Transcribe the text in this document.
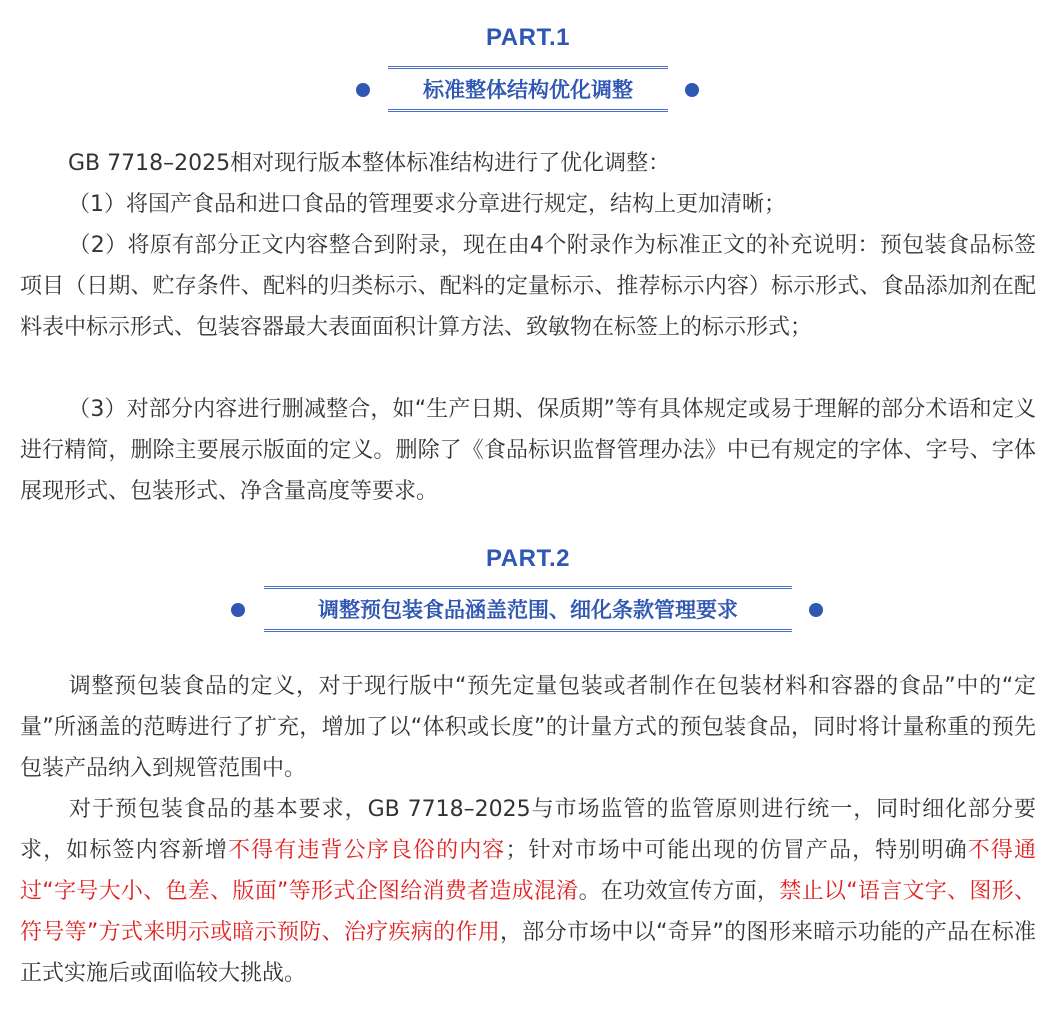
PART.1
标准整体结构优化调整

GB 7718–2025相对现行版本整体标准结构进行了优化调整：

（1）将国产食品和进口食品的管理要求分章进行规定，结构上更加清晰；

（2）将原有部分正文内容整合到附录，现在由4个附录作为标准正文的补充说明：预包装食品标签项目（日期、贮存条件、配料的归类标示、配料的定量标示、推荐标示内容）标示形式、食品添加剂在配料表中标示形式、包装容器最大表面面积计算方法、致敏物在标签上的标示形式；

（3）对部分内容进行删减整合，如“生产日期、保质期”等有具体规定或易于理解的部分术语和定义进行精简，删除主要展示版面的定义。删除了《食品标识监督管理办法》中已有规定的字体、字号、字体展现形式、包装形式、净含量高度等要求。

PART.2
调整预包装食品涵盖范围、细化条款管理要求

调整预包装食品的定义，对于现行版中“预先定量包装或者制作在包装材料和容器的食品”中的“定量”所涵盖的范畴进行了扩充，增加了以“体积或长度”的计量方式的预包装食品，同时将计量称重的预先包装产品纳入到规管范围中。

对于预包装食品的基本要求，GB 7718–2025与市场监管的监管原则进行统一，同时细化部分要求，如标签内容新增不得有违背公序良俗的内容；针对市场中可能出现的仿冒产品，特别明确不得通过“字号大小、色差、版面”等形式企图给消费者造成混淆。在功效宣传方面，禁止以“语言文字、图形、符号等”方式来明示或暗示预防、治疗疾病的作用，部分市场中以“奇异”的图形来暗示功能的产品在标准正式实施后或面临较大挑战。
